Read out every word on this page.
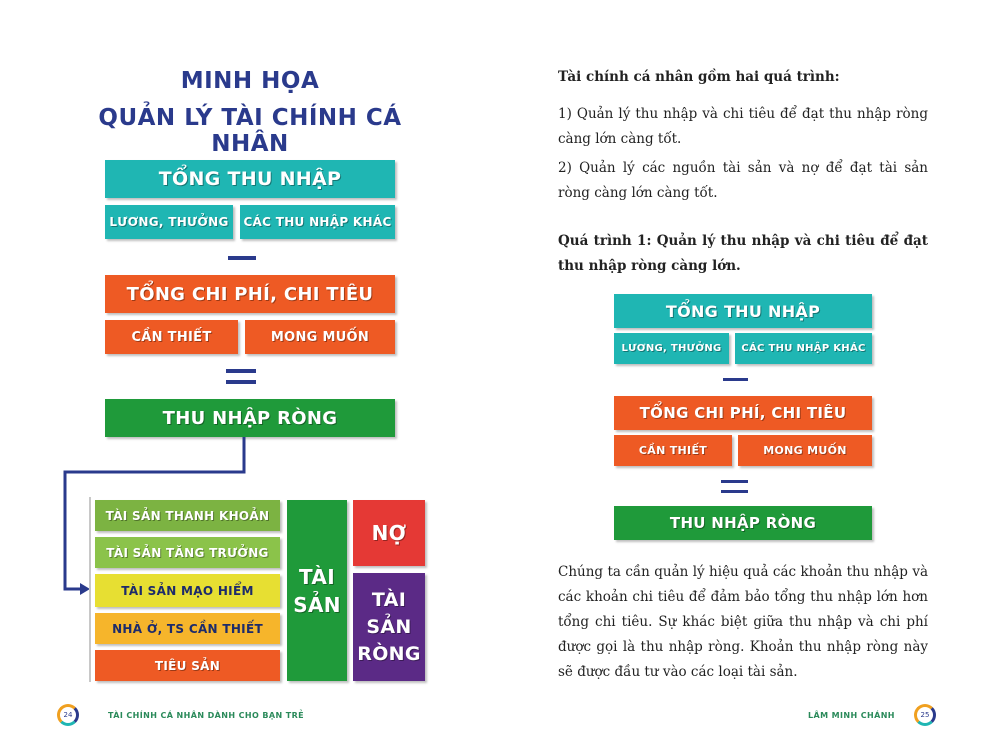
MINH HỌA
QUẢN LÝ TÀI CHÍNH CÁ NHÂN
TỔNG THU NHẬP
LƯƠNG, THƯỞNG	CÁC THU NHẬP KHÁC
TỔNG CHI PHÍ, CHI TIÊU
CẦN THIẾT	MONG MUỐN
THU NHẬP RÒNG
TÀI SẢN THANH KHOẢN
TÀI SẢN TĂNG TRƯỞNG
TÀI SẢN MẠO HIỂM
NHÀ Ở, TS CẦN THIẾT
TIÊU SẢN
TÀI SẢN
NỢ
TÀI SẢN RÒNG
Tài chính cá nhân gồm hai quá trình:
1) Quản lý thu nhập và chi tiêu để đạt thu nhập ròng càng lớn càng tốt.
2) Quản lý các nguồn tài sản và nợ để đạt tài sản ròng càng lớn càng tốt.
Quá trình 1: Quản lý thu nhập và chi tiêu để đạt thu nhập ròng càng lớn.
TỔNG THU NHẬP
LƯƠNG, THƯỞNG	CÁC THU NHẬP KHÁC
TỔNG CHI PHÍ, CHI TIÊU
CẦN THIẾT	MONG MUỐN
THU NHẬP RÒNG
Chúng ta cần quản lý hiệu quả các khoản thu nhập và các khoản chi tiêu để đảm bảo tổng thu nhập lớn hơn tổng chi tiêu. Sự khác biệt giữa thu nhập và chi phí được gọi là thu nhập ròng. Khoản thu nhập ròng này sẽ được đầu tư vào các loại tài sản.
24	TÀI CHÍNH CÁ NHÂN DÀNH CHO BẠN TRẺ	LÂM MINH CHÁNH	25
